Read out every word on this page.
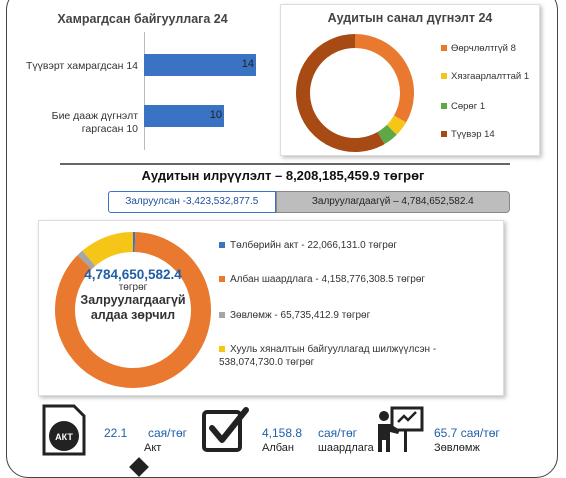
Хамрагдсан байгууллага 24
Түүвэрт хамрагдсан 14	14
Бие дааж дүгнэлт гаргасан 10
10
Аудитын санал дүгнэлт 24
Өөрчлөлтгүй 8
Хязгаарлалттай 1
Сөрөг 1
Түүвэр 14
Аудитын илрүүлэлт – 8,208,185,459.9 төгрөг
Залруулсан -3,423,532,877.5	Залруулагдаагүй – 4,784,652,582.4
4,784,650,582.4
төгрөг
Залруулагдаагүй алдаа зөрчил
Төлбөрийн акт - 22,066,131.0 төгрөг
Албан шаардлага - 4,158,776,308.5 төгрөг
Зөвлөмж - 65,735,412.9 төгрөг
Хууль хяналтын байгууллагад шилжүүлсэн - 538,074,730.0 төгрөг
АКТ	22.1 сая/төг
Акт
4,158.8 сая/төг
Албан шаардлага
65.7 сая/төг
Зөвлөмж
